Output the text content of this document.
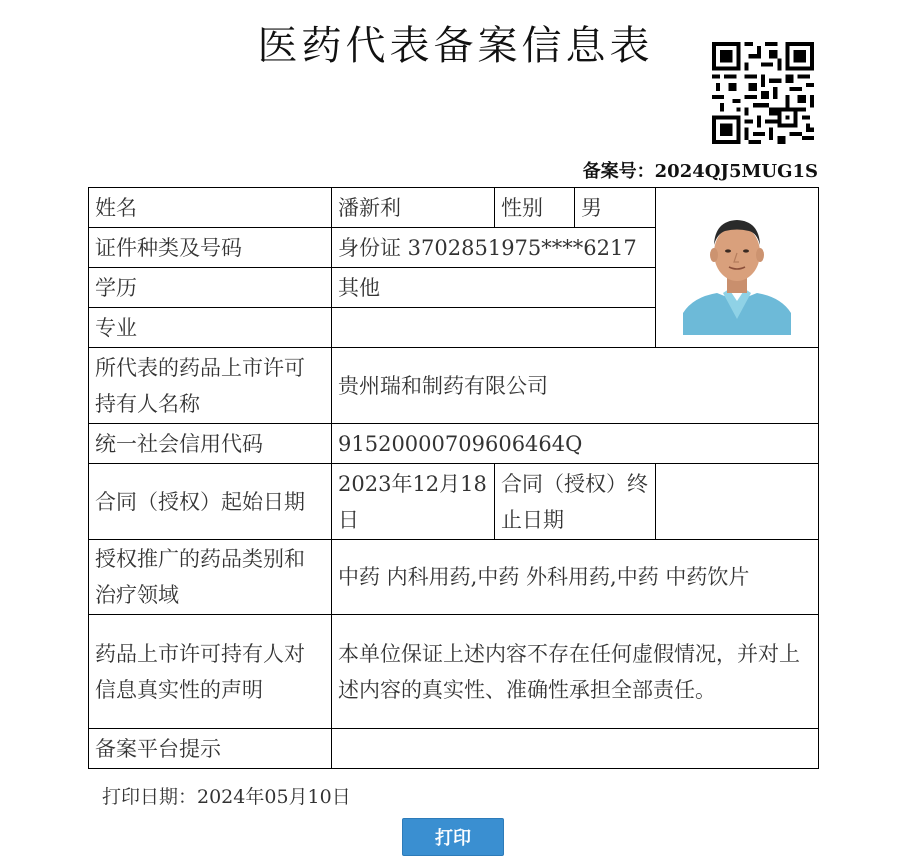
医药代表备案信息表
备案号：2024QJ5MUG1S
姓名	潘新利	性别	男	

证件种类及号码	身份证 3702851975****6217			
学历	其他			
专业				
所代表的药品上市许可持有人名称	贵州瑞和制药有限公司			
统一社会信用代码	91520000709606464Q			
合同（授权）起始日期	2023年12月18日	合同（授权）终止日期		
授权推广的药品类别和治疗领域	中药 内科用药,中药 外科用药,中药 中药饮片			
药品上市许可持有人对信息真实性的声明	本单位保证上述内容不存在任何虚假情况，并对上述内容的真实性、准确性承担全部责任。			
备案平台提示				
打印日期：2024年05月10日
打印
